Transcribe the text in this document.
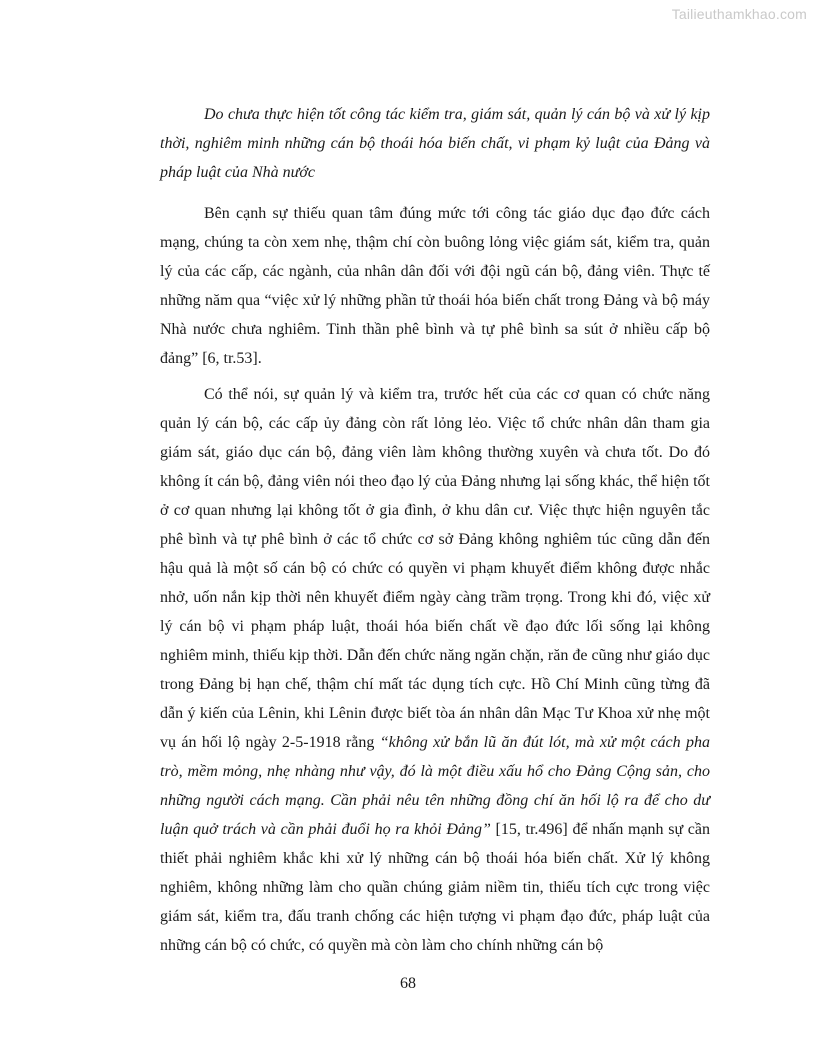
Tailieuthamkhao.com

Do chưa thực hiện tốt công tác kiểm tra, giám sát, quản lý cán bộ và xử lý kịp thời, nghiêm minh những cán bộ thoái hóa biến chất, vi phạm kỷ luật của Đảng và pháp luật của Nhà nước

Bên cạnh sự thiếu quan tâm đúng mức tới công tác giáo dục đạo đức cách mạng, chúng ta còn xem nhẹ, thậm chí còn buông lỏng việc giám sát, kiểm tra, quản lý của các cấp, các ngành, của nhân dân đối với đội ngũ cán bộ, đảng viên. Thực tế những năm qua “việc xử lý những phần tử thoái hóa biến chất trong Đảng và bộ máy Nhà nước chưa nghiêm. Tinh thần phê bình và tự phê bình sa sút ở nhiều cấp bộ đảng” [6, tr.53].

Có thể nói, sự quản lý và kiểm tra, trước hết của các cơ quan có chức năng quản lý cán bộ, các cấp ủy đảng còn rất lỏng lẻo. Việc tổ chức nhân dân tham gia giám sát, giáo dục cán bộ, đảng viên làm không thường xuyên và chưa tốt. Do đó không ít cán bộ, đảng viên nói theo đạo lý của Đảng nhưng lại sống khác, thể hiện tốt ở cơ quan nhưng lại không tốt ở gia đình, ở khu dân cư. Việc thực hiện nguyên tắc phê bình và tự phê bình ở các tổ chức cơ sở Đảng không nghiêm túc cũng dẫn đến hậu quả là một số cán bộ có chức có quyền vi phạm khuyết điểm không được nhắc nhở, uốn nắn kịp thời nên khuyết điểm ngày càng trầm trọng. Trong khi đó, việc xử lý cán bộ vi phạm pháp luật, thoái hóa biến chất về đạo đức lối sống lại không nghiêm minh, thiếu kịp thời. Dẫn đến chức năng ngăn chặn, răn đe cũng như giáo dục trong Đảng bị hạn chế, thậm chí mất tác dụng tích cực. Hồ Chí Minh cũng từng đã dẫn ý kiến của Lênin, khi Lênin được biết tòa án nhân dân Mạc Tư Khoa xử nhẹ một vụ án hối lộ ngày 2-5-1918 rằng “không xử bắn lũ ăn đút lót, mà xử một cách pha trò, mềm mỏng, nhẹ nhàng như vậy, đó là một điều xấu hổ cho Đảng Cộng sản, cho những người cách mạng. Cần phải nêu tên những đồng chí ăn hối lộ ra để cho dư luận quở trách và cần phải đuổi họ ra khỏi Đảng” [15, tr.496] để nhấn mạnh sự cần thiết phải nghiêm khắc khi xử lý những cán bộ thoái hóa biến chất. Xử lý không nghiêm, không những làm cho quần chúng giảm niềm tin, thiếu tích cực trong việc giám sát, kiểm tra, đấu tranh chống các hiện tượng vi phạm đạo đức, pháp luật của những cán bộ có chức, có quyền mà còn làm cho chính những cán bộ

68
